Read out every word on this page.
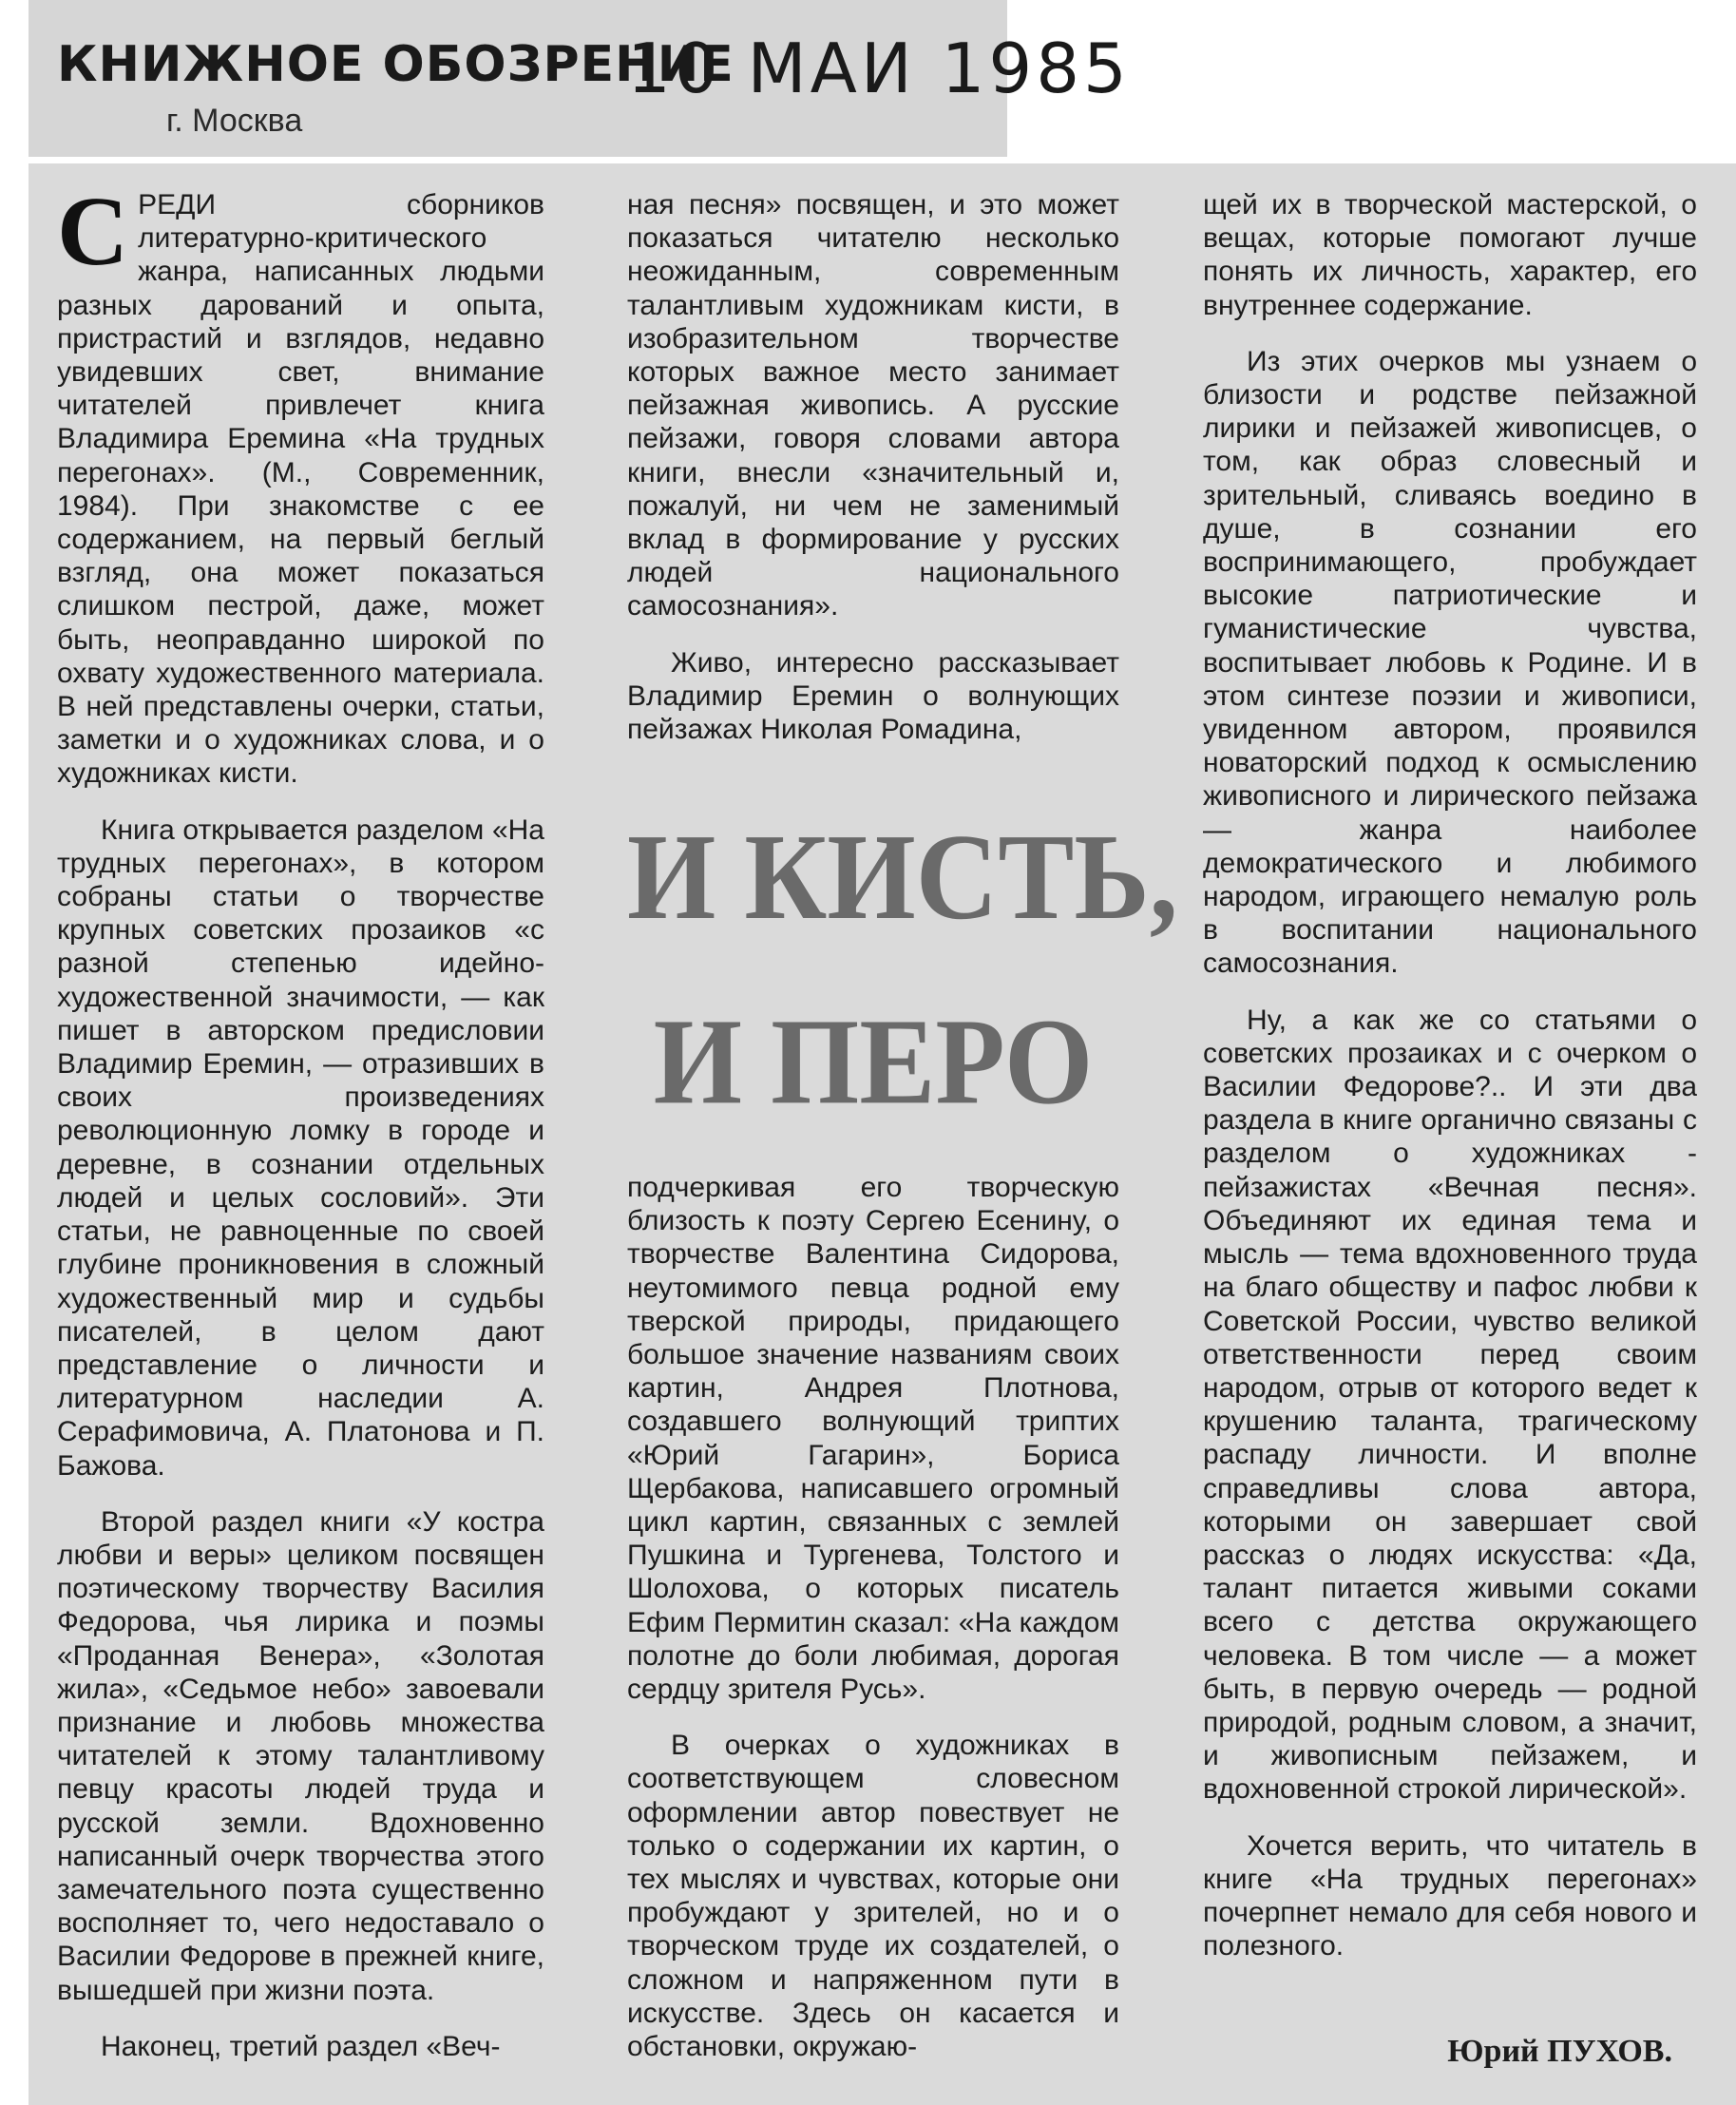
КНИЖНОЕ ОБОЗРЕНИЕ
г. Москва
10 МАИ 1985

СРЕДИ сборников литературно-критического жанра, написанных людьми разных дарований и опыта, пристрастий и взглядов, недавно увидевших свет, внимание читателей привлечет книга Владимира Еремина «На трудных перегонах». (М., Современник, 1984). При знакомстве с ее содержанием, на первый беглый взгляд, она может показаться слишком пестрой, даже, может быть, неоправданно широкой по охвату художественного материала. В ней представлены очерки, статьи, заметки и о художниках слова, и о художниках кисти.

Книга открывается разделом «На трудных перегонах», в котором собраны статьи о творчестве крупных советских прозаиков «с разной степенью идейно-художественной значимости, — как пишет в авторском предисловии Владимир Еремин, — отразивших в своих произведениях революционную ломку в городе и деревне, в сознании отдельных людей и целых сословий». Эти статьи, не равноценные по своей глубине проникновения в сложный художественный мир и судьбы писателей, в целом дают представление о личности и литературном наследии А. Серафимовича, А. Платонова и П. Бажова.

Второй раздел книги «У костра любви и веры» целиком посвящен поэтическому творчеству Василия Федорова, чья лирика и поэмы «Проданная Венера», «Золотая жила», «Седьмое небо» завоевали признание и любовь множества читателей к этому талантливому певцу красоты людей труда и русской земли. Вдохновенно написанный очерк творчества этого замечательного поэта существенно восполняет то, чего недоставало о Василии Федорове в прежней книге, вышедшей при жизни поэта.

Наконец, третий раздел «Веч-

ная песня» посвящен, и это может показаться читателю несколько неожиданным, современным талантливым художникам кисти, в изобразительном творчестве которых важное место занимает пейзажная живопись. А русские пейзажи, говоря словами автора книги, внесли «значительный и, пожалуй, ни чем не заменимый вклад в формирование у русских людей национального самосознания».

Живо, интересно рассказывает Владимир Еремин о волнующих пейзажах Николая Ромадина,

И КИСТЬ,
И ПЕРО

подчеркивая его творческую близость к поэту Сергею Есенину, о творчестве Валентина Сидорова, неутомимого певца родной ему тверской природы, придающего большое значение названиям своих картин, Андрея Плотнова, создавшего волнующий триптих «Юрий Гагарин», Бориса Щербакова, написавшего огромный цикл картин, связанных с землей Пушкина и Тургенева, Толстого и Шолохова, о которых писатель Ефим Пермитин сказал: «На каждом полотне до боли любимая, дорогая сердцу зрителя Русь».

В очерках о художниках в соответствующем словесном оформлении автор повествует не только о содержании их картин, о тех мыслях и чувствах, которые они пробуждают у зрителей, но и о творческом труде их создателей, о сложном и напряженном пути в искусстве. Здесь он касается и обстановки, окружаю-

щей их в творческой мастерской, о вещах, которые помогают лучше понять их личность, характер, его внутреннее содержание.

Из этих очерков мы узнаем о близости и родстве пейзажной лирики и пейзажей живописцев, о том, как образ словесный и зрительный, сливаясь воедино в душе, в сознании его воспринимающего, пробуждает высокие патриотические и гуманистические чувства, воспитывает любовь к Родине. И в этом синтезе поэзии и живописи, увиденном автором, проявился новаторский подход к осмыслению живописного и лирического пейзажа — жанра наиболее демократического и любимого народом, играющего немалую роль в воспитании национального самосознания.

Ну, а как же со статьями о советских прозаиках и с очерком о Василии Федорове?.. И эти два раздела в книге органично связаны с разделом о художниках - пейзажистах «Вечная песня». Объединяют их единая тема и мысль — тема вдохновенного труда на благо обществу и пафос любви к Советской России, чувство великой ответственности перед своим народом, отрыв от которого ведет к крушению таланта, трагическому распаду личности. И вполне справедливы слова автора, которыми он завершает свой рассказ о людях искусства: «Да, талант питается живыми соками всего с детства окружающего человека. В том числе — а может быть, в первую очередь — родной природой, родным словом, а значит, и живописным пейзажем, и вдохновенной строкой лирической».

Хочется верить, что читатель в книге «На трудных перегонах» почерпнет немало для себя нового и полезного.

Юрий ПУХОВ.
